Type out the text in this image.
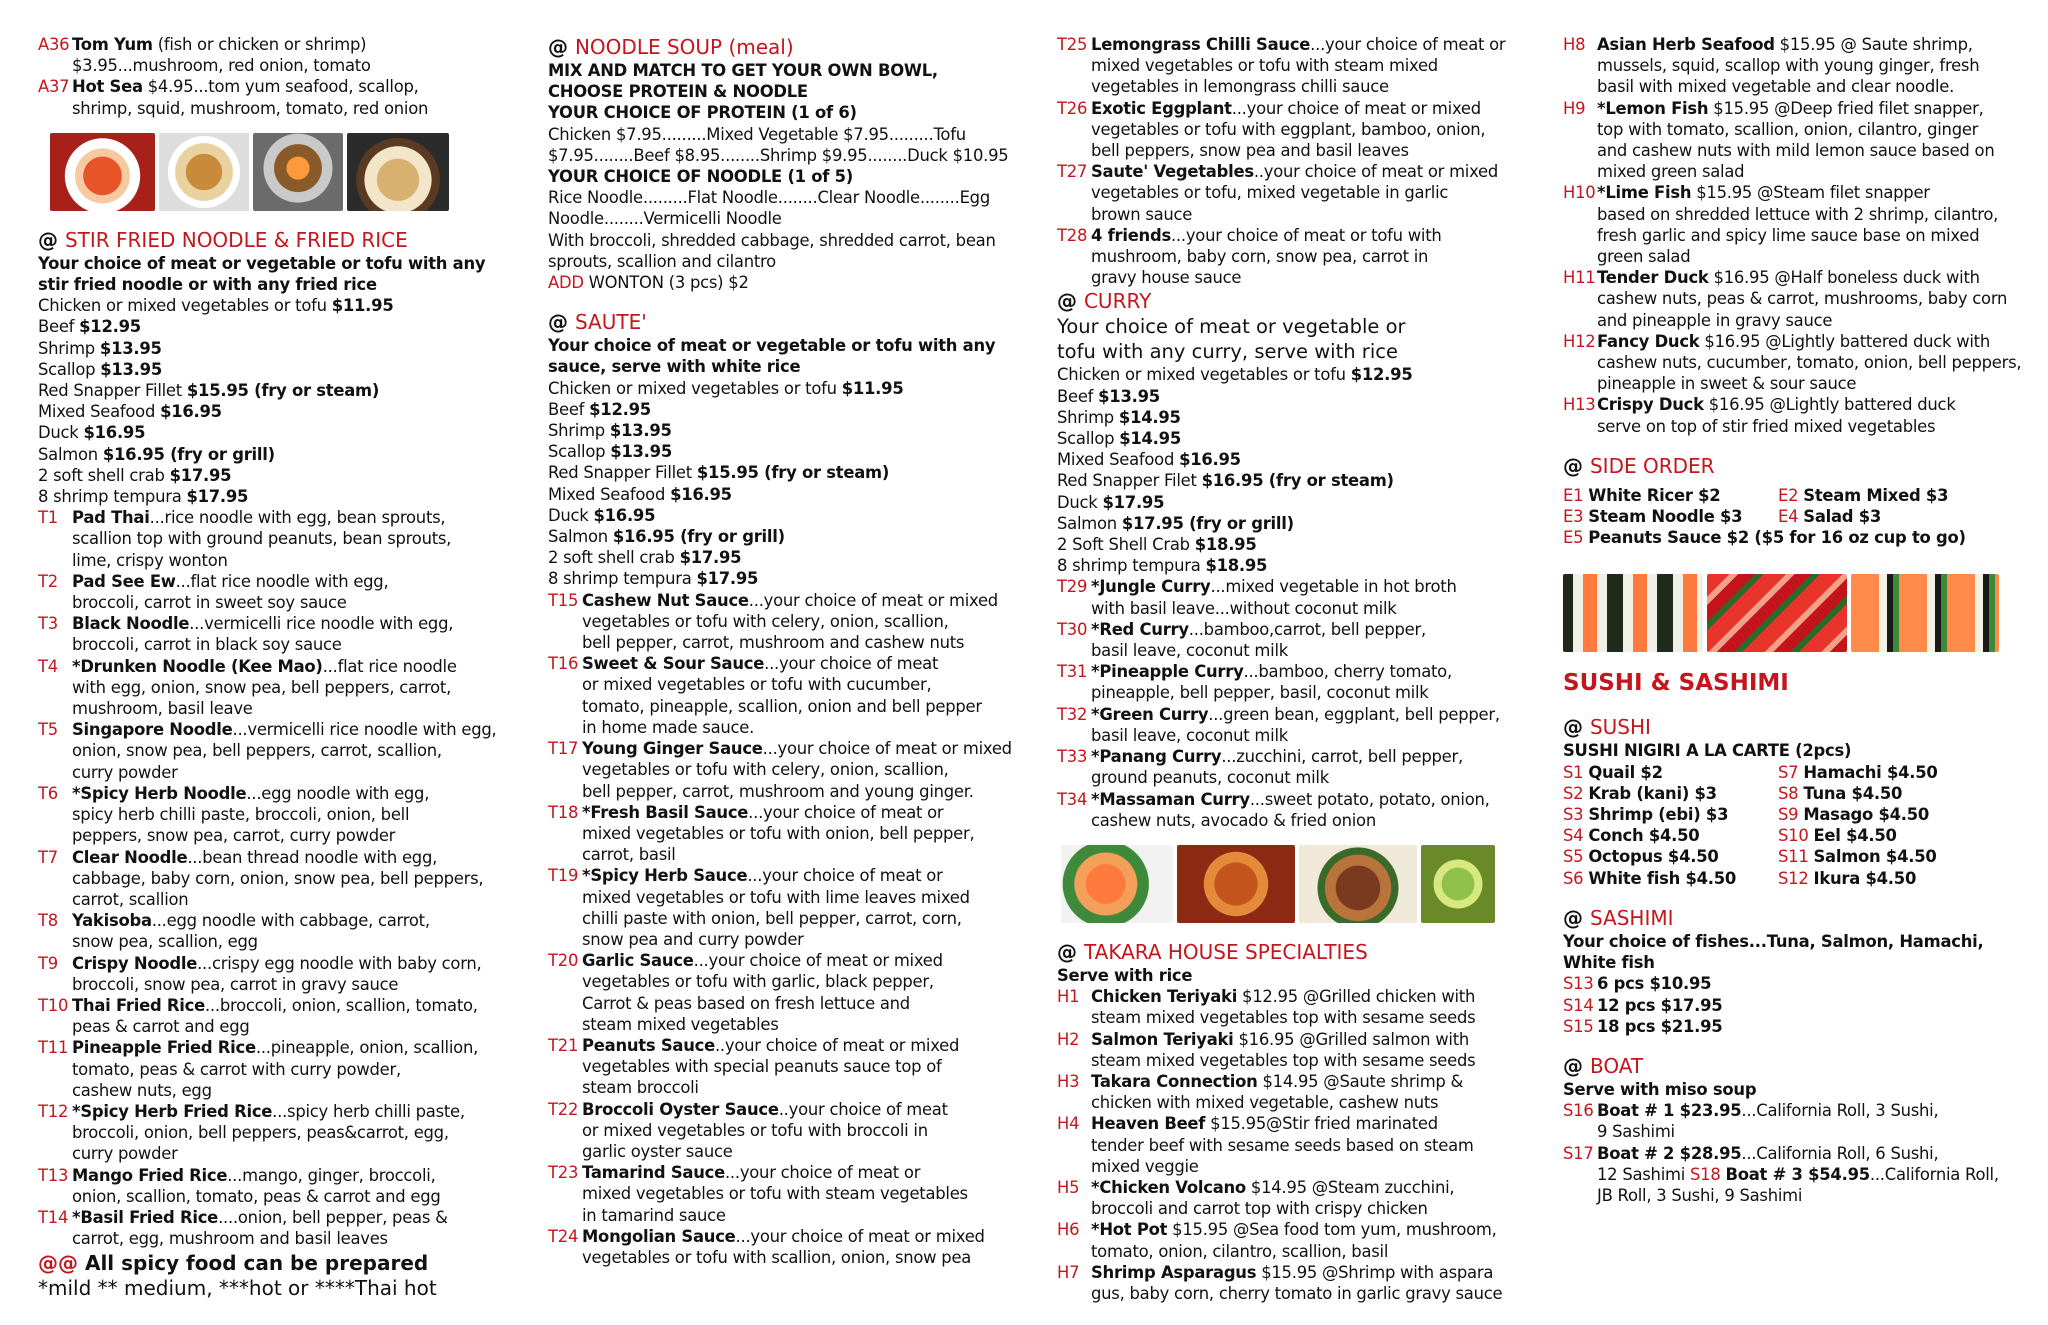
A36 Tom Yum (fish or chicken or shrimp)
$3.95...mushroom, red onion, tomato
A37 Hot Sea $4.95...tom yum seafood, scallop,
shrimp, squid, mushroom, tomato, red onion
@ STIR FRIED NOODLE & FRIED RICE
Your choice of meat or vegetable or tofu with any
stir fried noodle or with any fried rice
Chicken or mixed vegetables or tofu $11.95
Beef $12.95
Shrimp $13.95
Scallop $13.95
Red Snapper Fillet $15.95 (fry or steam)
Mixed Seafood $16.95
Duck $16.95
Salmon $16.95 (fry or grill)
2 soft shell crab $17.95
8 shrimp tempura $17.95
T1 Pad Thai...rice noodle with egg, bean sprouts,
scallion top with ground peanuts, bean sprouts,
lime, crispy wonton
T2 Pad See Ew...flat rice noodle with egg,
broccoli, carrot in sweet soy sauce
T3 Black Noodle...vermicelli rice noodle with egg,
broccoli, carrot in black soy sauce
T4 *Drunken Noodle (Kee Mao)...flat rice noodle
with egg, onion, snow pea, bell peppers, carrot,
mushroom, basil leave
T5 Singapore Noodle...vermicelli rice noodle with egg,
onion, snow pea, bell peppers, carrot, scallion,
curry powder
T6 *Spicy Herb Noodle...egg noodle with egg,
spicy herb chilli paste, broccoli, onion, bell
peppers, snow pea, carrot, curry powder
T7 Clear Noodle...bean thread noodle with egg,
cabbage, baby corn, onion, snow pea, bell peppers,
carrot, scallion
T8 Yakisoba...egg noodle with cabbage, carrot,
snow pea, scallion, egg
T9 Crispy Noodle...crispy egg noodle with baby corn,
broccoli, snow pea, carrot in gravy sauce
T10 Thai Fried Rice...broccoli, onion, scallion, tomato,
peas & carrot and egg
T11 Pineapple Fried Rice...pineapple, onion, scallion,
tomato, peas & carrot with curry powder,
cashew nuts, egg
T12 *Spicy Herb Fried Rice...spicy herb chilli paste,
broccoli, onion, bell peppers, peas&carrot, egg,
curry powder
T13 Mango Fried Rice...mango, ginger, broccoli,
onion, scallion, tomato, peas & carrot and egg
T14 *Basil Fried Rice....onion, bell pepper, peas &
carrot, egg, mushroom and basil leaves
@@ All spicy food can be prepared
*mild ** medium, ***hot or ****Thai hot
@ NOODLE SOUP (meal)
MIX AND MATCH TO GET YOUR OWN BOWL,
CHOOSE PROTEIN & NOODLE
YOUR CHOICE OF PROTEIN (1 of 6)
Chicken $7.95.........Mixed Vegetable $7.95.........Tofu
$7.95........Beef $8.95........Shrimp $9.95........Duck $10.95
YOUR CHOICE OF NOODLE (1 of 5)
Rice Noodle.........Flat Noodle........Clear Noodle........Egg
Noodle........Vermicelli Noodle
With broccoli, shredded cabbage, shredded carrot, bean
sprouts, scallion and cilantro
ADD WONTON (3 pcs) $2
@ SAUTE'
Your choice of meat or vegetable or tofu with any
sauce, serve with white rice
Chicken or mixed vegetables or tofu $11.95
Beef $12.95
Shrimp $13.95
Scallop $13.95
Red Snapper Fillet $15.95 (fry or steam)
Mixed Seafood $16.95
Duck $16.95
Salmon $16.95 (fry or grill)
2 soft shell crab $17.95
8 shrimp tempura $17.95
T15 Cashew Nut Sauce...your choice of meat or mixed
vegetables or tofu with celery, onion, scallion,
bell pepper, carrot, mushroom and cashew nuts
T16 Sweet & Sour Sauce...your choice of meat
or mixed vegetables or tofu with cucumber,
tomato, pineapple, scallion, onion and bell pepper
in home made sauce.
T17 Young Ginger Sauce...your choice of meat or mixed
vegetables or tofu with celery, onion, scallion,
bell pepper, carrot, mushroom and young ginger.
T18 *Fresh Basil Sauce...your choice of meat or
mixed vegetables or tofu with onion, bell pepper,
carrot, basil
T19 *Spicy Herb Sauce...your choice of meat or
mixed vegetables or tofu with lime leaves mixed
chilli paste with onion, bell pepper, carrot, corn,
snow pea and curry powder
T20 Garlic Sauce...your choice of meat or mixed
vegetables or tofu with garlic, black pepper,
Carrot & peas based on fresh lettuce and
steam mixed vegetables
T21 Peanuts Sauce..your choice of meat or mixed
vegetables with special peanuts sauce top of
steam broccoli
T22 Broccoli Oyster Sauce..your choice of meat
or mixed vegetables or tofu with broccoli in
garlic oyster sauce
T23 Tamarind Sauce...your choice of meat or
mixed vegetables or tofu with steam vegetables
in tamarind sauce
T24 Mongolian Sauce...your choice of meat or mixed
vegetables or tofu with scallion, onion, snow pea
T25 Lemongrass Chilli Sauce...your choice of meat or
mixed vegetables or tofu with steam mixed
vegetables in lemongrass chilli sauce
T26 Exotic Eggplant...your choice of meat or mixed
vegetables or tofu with eggplant, bamboo, onion,
bell peppers, snow pea and basil leaves
T27 Saute' Vegetables..your choice of meat or mixed
vegetables or tofu, mixed vegetable in garlic
brown sauce
T28 4 friends...your choice of meat or tofu with
mushroom, baby corn, snow pea, carrot in
gravy house sauce
@ CURRY
Your choice of meat or vegetable or
tofu with any curry, serve with rice
Chicken or mixed vegetables or tofu $12.95
Beef $13.95
Shrimp $14.95
Scallop $14.95
Mixed Seafood $16.95
Red Snapper Filet $16.95 (fry or steam)
Duck $17.95
Salmon $17.95 (fry or grill)
2 Soft Shell Crab $18.95
8 shrimp tempura $18.95
T29 *Jungle Curry...mixed vegetable in hot broth
with basil leave...without coconut milk
T30 *Red Curry...bamboo,carrot, bell pepper,
basil leave, coconut milk
T31 *Pineapple Curry...bamboo, cherry tomato,
pineapple, bell pepper, basil, coconut milk
T32 *Green Curry...green bean, eggplant, bell pepper,
basil leave, coconut milk
T33 *Panang Curry...zucchini, carrot, bell pepper,
ground peanuts, coconut milk
T34 *Massaman Curry...sweet potato, potato, onion,
cashew nuts, avocado & fried onion
@ TAKARA HOUSE SPECIALTIES
Serve with rice
H1 Chicken Teriyaki $12.95 @Grilled chicken with
steam mixed vegetables top with sesame seeds
H2 Salmon Teriyaki $16.95 @Grilled salmon with
steam mixed vegetables top with sesame seeds
H3 Takara Connection $14.95 @Saute shrimp &
chicken with mixed vegetable, cashew nuts
H4 Heaven Beef $15.95@Stir fried marinated
tender beef with sesame seeds based on steam
mixed veggie
H5 *Chicken Volcano $14.95 @Steam zucchini,
broccoli and carrot top with crispy chicken
H6 *Hot Pot $15.95 @Sea food tom yum, mushroom,
tomato, onion, cilantro, scallion, basil
H7 Shrimp Asparagus $15.95 @Shrimp with aspara
gus, baby corn, cherry tomato in garlic gravy sauce
H8 Asian Herb Seafood $15.95 @ Saute shrimp,
mussels, squid, scallop with young ginger, fresh
basil with mixed vegetable and clear noodle.
H9 *Lemon Fish $15.95 @Deep fried filet snapper,
top with tomato, scallion, onion, cilantro, ginger
and cashew nuts with mild lemon sauce based on
mixed green salad
H10*Lime Fish $15.95 @Steam filet snapper
based on shredded lettuce with 2 shrimp, cilantro,
fresh garlic and spicy lime sauce base on mixed
green salad
H11Tender Duck $16.95 @Half boneless duck with
cashew nuts, peas & carrot, mushrooms, baby corn
and pineapple in gravy sauce
H12Fancy Duck $16.95 @Lightly battered duck with
cashew nuts, cucumber, tomato, onion, bell peppers,
pineapple in sweet & sour sauce
H13Crispy Duck $16.95 @Lightly battered duck
serve on top of stir fried mixed vegetables
@ SIDE ORDER
E1 White Ricer $2	E2 Steam Mixed $3
E3 Steam Noodle $3	E4 Salad $3
E5 Peanuts Sauce $2 ($5 for 16 oz cup to go)
SUSHI & SASHIMI
@ SUSHI
SUSHI NIGIRI A LA CARTE (2pcs)
S1 Quail $2	S7 Hamachi $4.50
S2 Krab (kani) $3	S8 Tuna $4.50
S3 Shrimp (ebi) $3	S9 Masago $4.50
S4 Conch $4.50	S10 Eel $4.50
S5 Octopus $4.50	S11 Salmon $4.50
S6 White fish $4.50	S12 Ikura $4.50
@ SASHIMI
Your choice of fishes...Tuna, Salmon, Hamachi,
White fish
S13 6 pcs $10.95
S14 12 pcs $17.95
S15 18 pcs $21.95
@ BOAT
Serve with miso soup
S16 Boat # 1 $23.95...California Roll, 3 Sushi,
9 Sashimi
S17 Boat # 2 $28.95...California Roll, 6 Sushi,
12 Sashimi S18 Boat # 3 $54.95...California Roll,
JB Roll, 3 Sushi, 9 Sashimi
